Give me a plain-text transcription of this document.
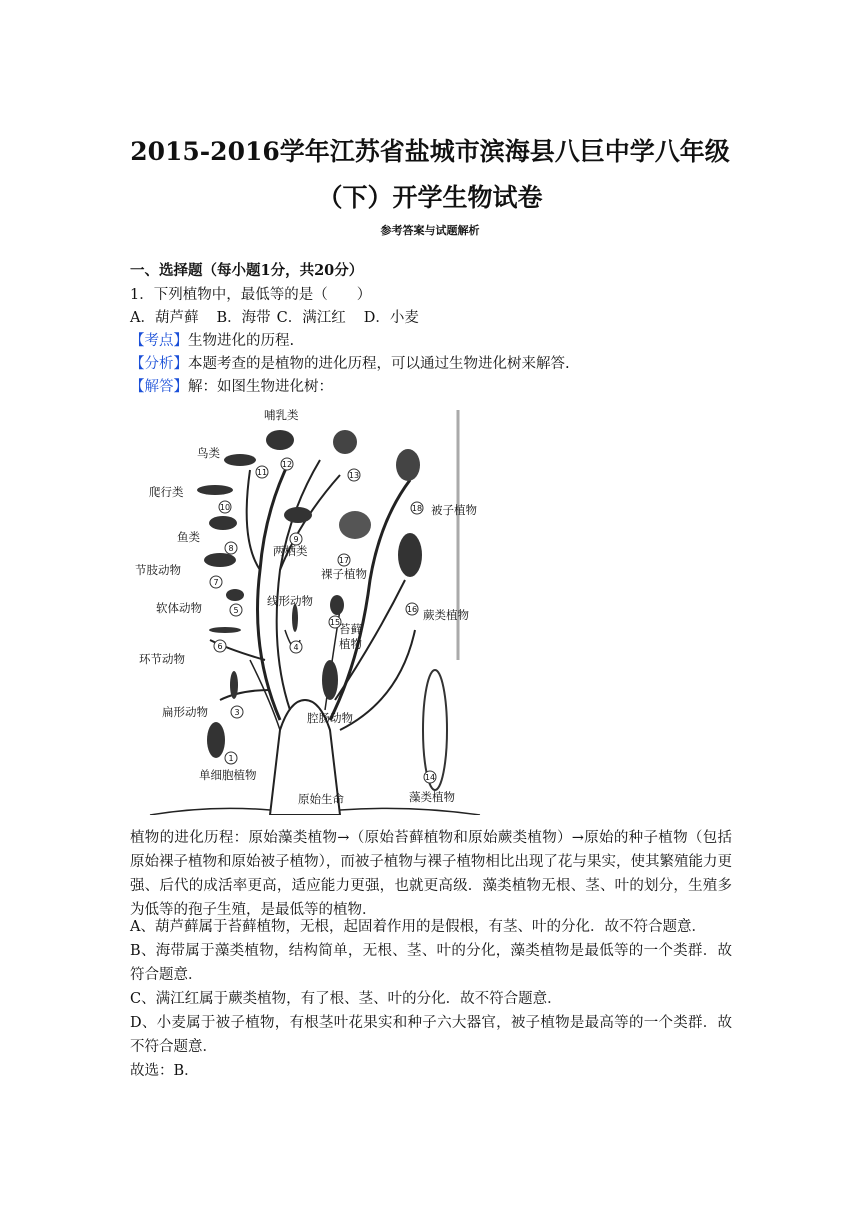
2015-2016学年江苏省盐城市滨海县八巨中学八年级
（下）开学生物试卷
参考答案与试题解析
一、选择题（每小题1分，共20分）
1．下列植物中，最低等的是（　　）
A．葫芦藓 B．海带 C．满江红 D．小麦
【考点】生物进化的历程.
【分析】本题考查的是植物的进化历程，可以通过生物进化树来解答.
【解答】解：如图生物进化树：
1
3
4
5
6
7
8
9
10
11
12
13
14
15
16
17
18
哺乳类
鸟类
爬行类
鱼类
两栖类
节肢动物
软体动物	线形动物
环节动物
扁形动物	腔肠动物
单细胞植物
原始生命
被子植物
裸子植物
蕨类植物
苔藓
植物
藻类植物
植物的进化历程：原始藻类植物→（原始苔藓植物和原始蕨类植物）→原始的种子植物（包括原始裸子植物和原始被子植物），而被子植物与裸子植物相比出现了花与果实，使其繁殖能力更强、后代的成活率更高，适应能力更强，也就更高级．藻类植物无根、茎、叶的划分，生殖多为低等的孢子生殖，是最低等的植物．
A、葫芦藓属于苔藓植物，无根，起固着作用的是假根，有茎、叶的分化．故不符合题意．
B、海带属于藻类植物，结构简单，无根、茎、叶的分化，藻类植物是最低等的一个类群．故符合题意．
C、满江红属于蕨类植物，有了根、茎、叶的分化．故不符合题意．
D、小麦属于被子植物，有根茎叶花果实和种子六大器官，被子植物是最高等的一个类群．故不符合题意．
故选：B．
